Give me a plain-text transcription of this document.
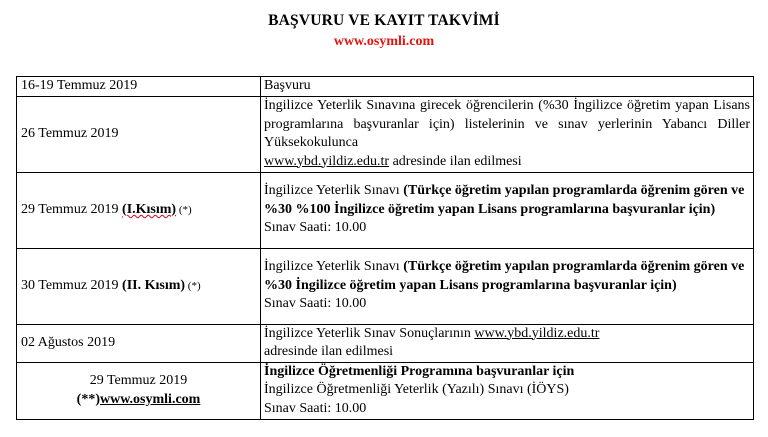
BAŞVURU VE KAYIT TAKVİMİ
www.osymli.com
16-19 Temmuz 2019	Başvuru
26 Temmuz 2019	İngilizce Yeterlik Sınavına girecek öğrencilerin (%30 İngilizce öğretim yapan Lisans programlarına başvuranlar için) listelerinin ve sınav yerlerinin Yabancı Diller Yüksekokulunca
www.ybd.yildiz.edu.tr adresinde ilan edilmesi
29 Temmuz 2019 (I.Kısım) (*)	İngilizce Yeterlik Sınavı (Türkçe öğretim yapılan programlarda öğrenim gören ve %30 %100 İngilizce öğretim yapan Lisans programlarına başvuranlar için)
Sınav Saati: 10.00
30 Temmuz 2019 (II. Kısım) (*)	İngilizce Yeterlik Sınavı (Türkçe öğretim yapılan programlarda öğrenim gören ve %30 İngilizce öğretim yapan Lisans programlarına başvuranlar için)
Sınav Saati: 10.00
02 Ağustos 2019	İngilizce Yeterlik Sınav Sonuçlarının www.ybd.yildiz.edu.tr
adresinde ilan edilmesi
29 Temmuz 2019
(**)www.osymli.com	İngilizce Öğretmenliği Programına başvuranlar için
İngilizce Öğretmenliği Yeterlik (Yazılı) Sınavı (İÖYS)
Sınav Saati: 10.00
